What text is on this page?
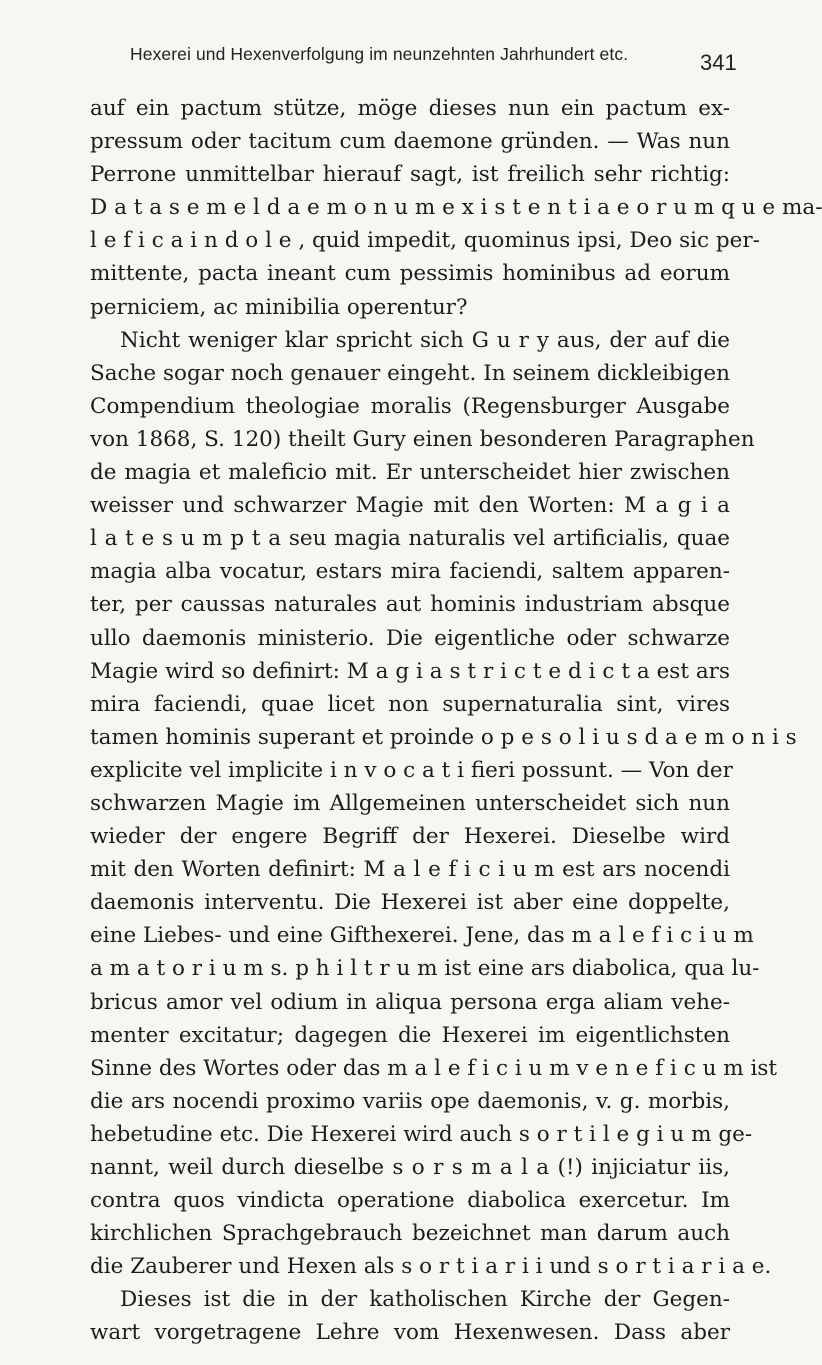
Hexerei und Hexenverfolgung im neunzehnten Jahrhundert etc.	341
auf ein pactum stütze, möge dieses nun ein pactum ex-
pressum oder tacitum cum daemone gründen. — Was nun
Perrone unmittelbar hierauf sagt, ist freilich sehr richtig:
D a t a s e m e l d a e m o n u m e x i s t e n t i a e o r u m q u e ma-
l e f i c a i n d o l e , quid impedit, quominus ipsi, Deo sic per-
mittente, pacta ineant cum pessimis hominibus ad eorum
perniciem, ac minibilia operentur?
Nicht weniger klar spricht sich G u r y aus, der auf die
Sache sogar noch genauer eingeht. In seinem dickleibigen
Compendium theologiae moralis (Regensburger Ausgabe
von 1868, S. 120) theilt Gury einen besonderen Paragraphen
de magia et maleficio mit. Er unterscheidet hier zwischen
weisser und schwarzer Magie mit den Worten: M a g i a
l a t e s u m p t a seu magia naturalis vel artificialis, quae
magia alba vocatur, estars mira faciendi, saltem apparen-
ter, per caussas naturales aut hominis industriam absque
ullo daemonis ministerio. Die eigentliche oder schwarze
Magie wird so definirt: M a g i a s t r i c t e d i c t a est ars
mira faciendi, quae licet non supernaturalia sint, vires
tamen hominis superant et proinde o p e s o l i u s d a e m o n i s
explicite vel implicite i n v o c a t i fieri possunt. — Von der
schwarzen Magie im Allgemeinen unterscheidet sich nun
wieder der engere Begriff der Hexerei. Dieselbe wird
mit den Worten definirt: M a l e f i c i u m est ars nocendi
daemonis interventu. Die Hexerei ist aber eine doppelte,
eine Liebes- und eine Gifthexerei. Jene, das m a l e f i c i u m
a m a t o r i u m s. p h i l t r u m ist eine ars diabolica, qua lu-
bricus amor vel odium in aliqua persona erga aliam vehe-
menter excitatur; dagegen die Hexerei im eigentlichsten
Sinne des Wortes oder das m a l e f i c i u m v e n e f i c u m ist
die ars nocendi proximo variis ope daemonis, v. g. morbis,
hebetudine etc. Die Hexerei wird auch s o r t i l e g i u m ge-
nannt, weil durch dieselbe s o r s m a l a (!) injiciatur iis,
contra quos vindicta operatione diabolica exercetur. Im
kirchlichen Sprachgebrauch bezeichnet man darum auch
die Zauberer und Hexen als s o r t i a r i i und s o r t i a r i a e.
Dieses ist die in der katholischen Kirche der Gegen-
wart vorgetragene Lehre vom Hexenwesen. Dass aber
